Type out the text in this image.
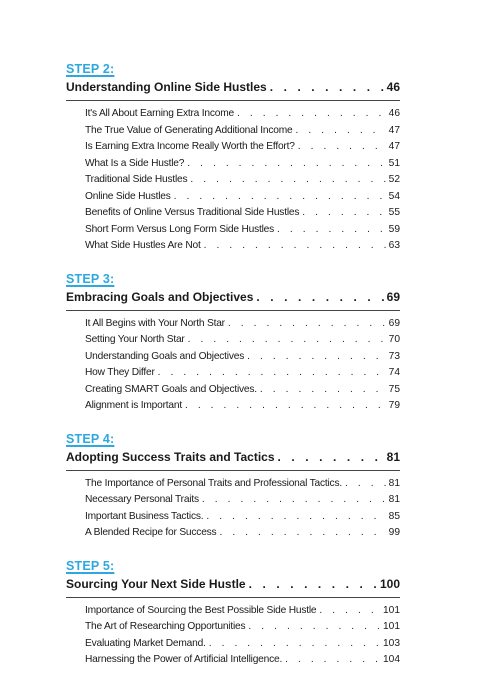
STEP 2:
Understanding Online Side Hustles . . .	46
It's All About Earning Extra Income . . .	46
The True Value of Generating Additional Income . . .	47
Is Earning Extra Income Really Worth the Effort? . . .	47
What Is a Side Hustle? . . .	51
Traditional Side Hustles . . .	52
Online Side Hustles . . .	54
Benefits of Online Versus Traditional Side Hustles . . .	55
Short Form Versus Long Form Side Hustles . . .	59
What Side Hustles Are Not . . .	63
STEP 3:
Embracing Goals and Objectives . . .	69
It All Begins with Your North Star . . .	69
Setting Your North Star . . .	70
Understanding Goals and Objectives . . .	73
How They Differ . . .	74
Creating SMART Goals and Objectives. . . .	75
Alignment is Important . . .	79
STEP 4:
Adopting Success Traits and Tactics . . .	81
The Importance of Personal Traits and Professional Tactics. . . .	81
Necessary Personal Traits . . .	81
Important Business Tactics. . . .	85
A Blended Recipe for Success . . .	99
STEP 5:
Sourcing Your Next Side Hustle . . .	100
Importance of Sourcing the Best Possible Side Hustle . . .	101
The Art of Researching Opportunities . . .	101
Evaluating Market Demand. . . .	103
Harnessing the Power of Artificial Intelligence. . . .	104
